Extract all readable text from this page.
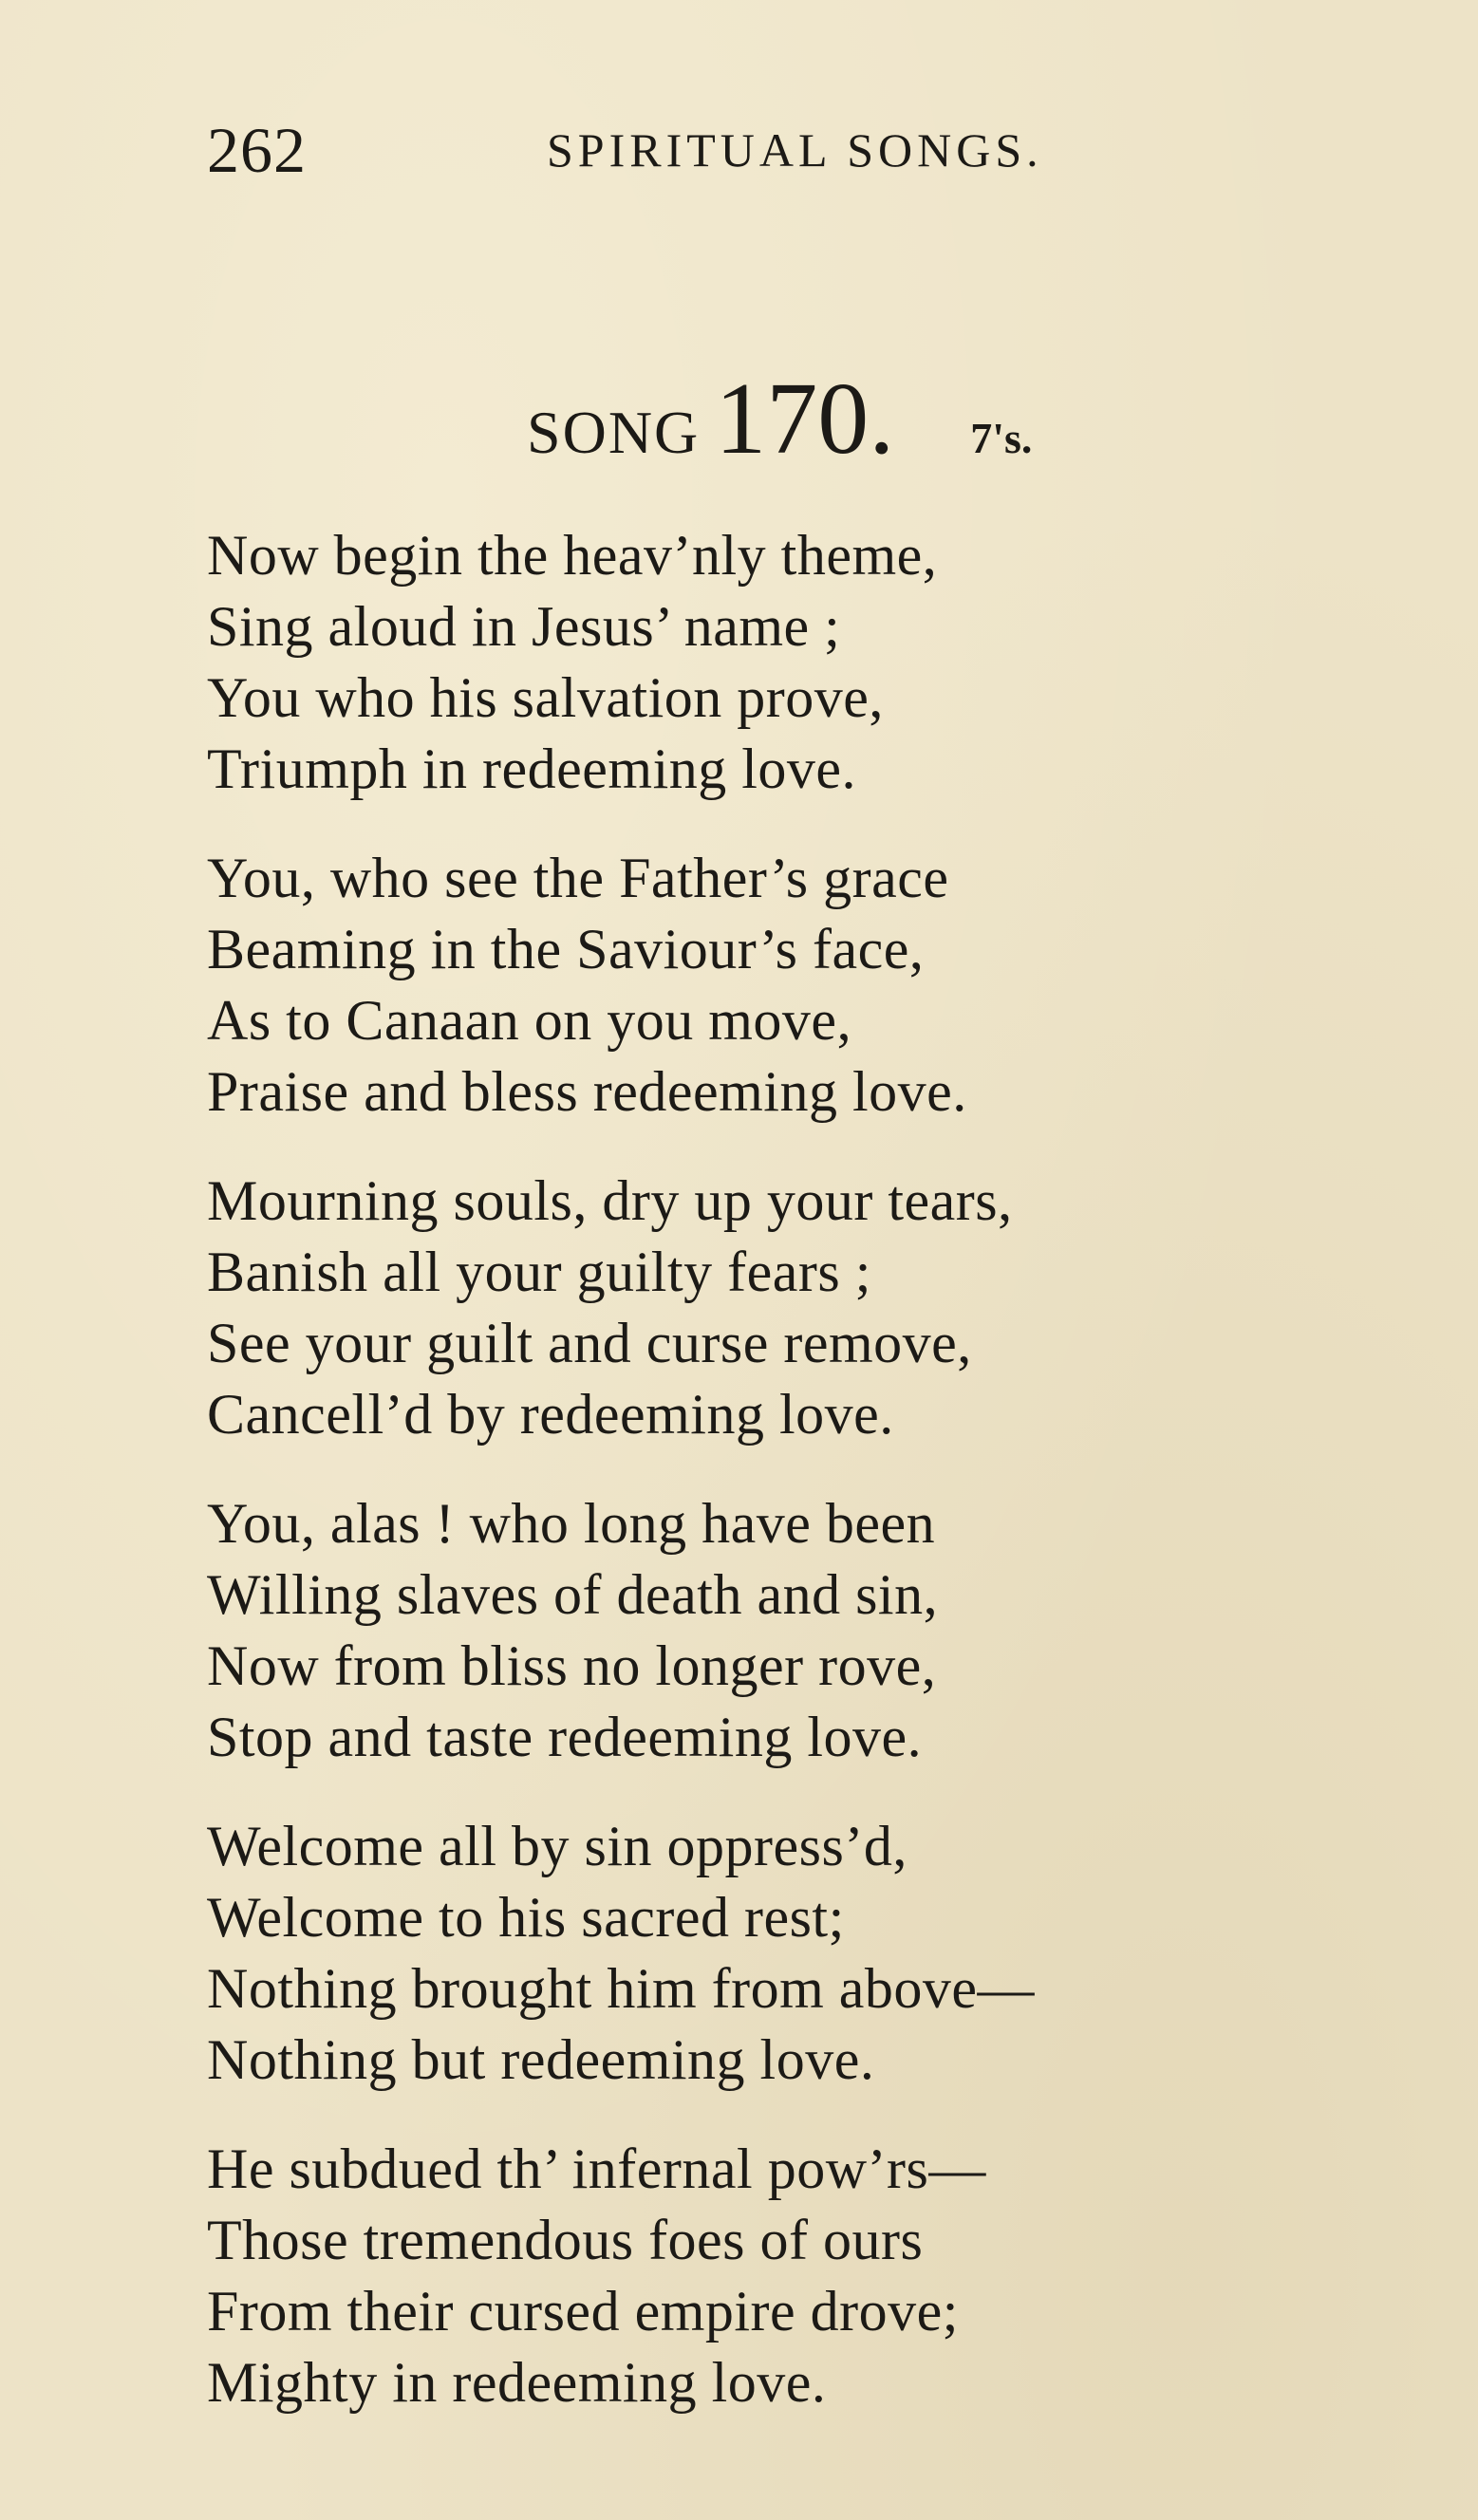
262	SPIRITUAL SONGS.
SONG 170. 7's.

Now begin the heav’nly theme,
Sing aloud in Jesus’ name ;
You who his salvation prove,
Triumph in redeeming love.

You, who see the Father’s grace
Beaming in the Saviour’s face,
As to Canaan on you move,
Praise and bless redeeming love.

Mourning souls, dry up your tears,
Banish all your guilty fears ;
See your guilt and curse remove,
Cancell’d by redeeming love.

You, alas ! who long have been
Willing slaves of death and sin,
Now from bliss no longer rove,
Stop and taste redeeming love.

Welcome all by sin oppress’d,
Welcome to his sacred rest;
Nothing brought him from above—
Nothing but redeeming love.

He subdued th’ infernal pow’rs—
Those tremendous foes of ours
From their cursed empire drove;
Mighty in redeeming love.
